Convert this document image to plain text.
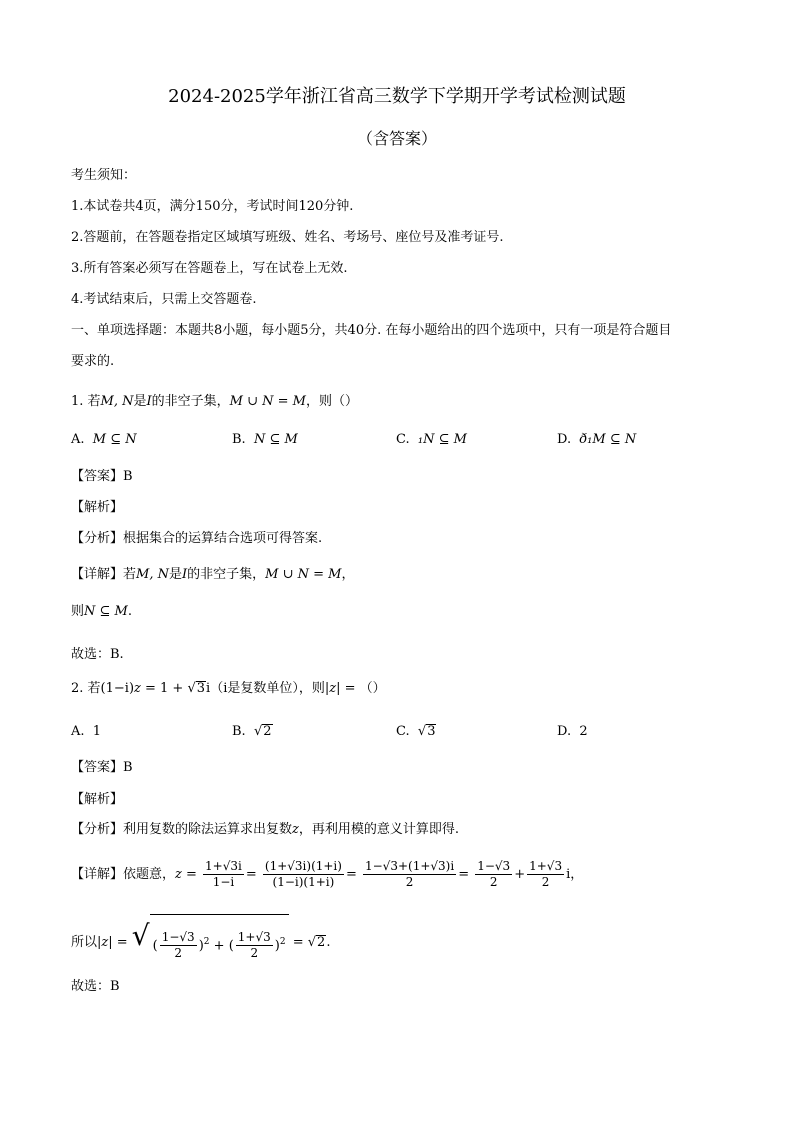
2024-2025学年浙江省高三数学下学期开学考试检测试题
（含答案）
考生须知：
1.本试卷共4页，满分150分，考试时间120分钟.
2.答题前，在答题卷指定区域填写班级、姓名、考场号、座位号及准考证号.
3.所有答案必须写在答题卷上，写在试卷上无效.
4.考试结束后，只需上交答题卷.
一、单项选择题：本题共8小题，每小题5分，共40分. 在每小题给出的四个选项中，只有一项是符合题目
要求的.
1. 若M, N是I的非空子集，M ∪ N = M，则（）
A. M ⊆ N	B. N ⊆ M	C. ₁N ⊆ M	D. ð₁M ⊆ N
【答案】B
【解析】
【分析】根据集合的运算结合选项可得答案.
【详解】若M, N是I的非空子集，M ∪ N = M，
则N ⊆ M.
故选：B.
2. 若(1−i)z = 1 + √3i（i是复数单位），则|z| = （）
A. 1	B.  √2	C.  √3	D. 2
【答案】B
【解析】
【分析】利用复数的除法运算求出复数z，再利用模的意义计算即得.
【详解】依题意，$z = \frac{1+√3i}{1-i} = \frac{(1+√3i)(1+i)}{(1-i)(1+i)} = \frac{1-√3+(1+√3)i}{2} = \frac{1-√3}{2} + \frac{1+√3}{2}$ i，
所以|z| = √ ( $\frac{1-√3}{2} )^2$ + ( $\frac{1+√3}{2} )^2 = √2$.
故选：B
